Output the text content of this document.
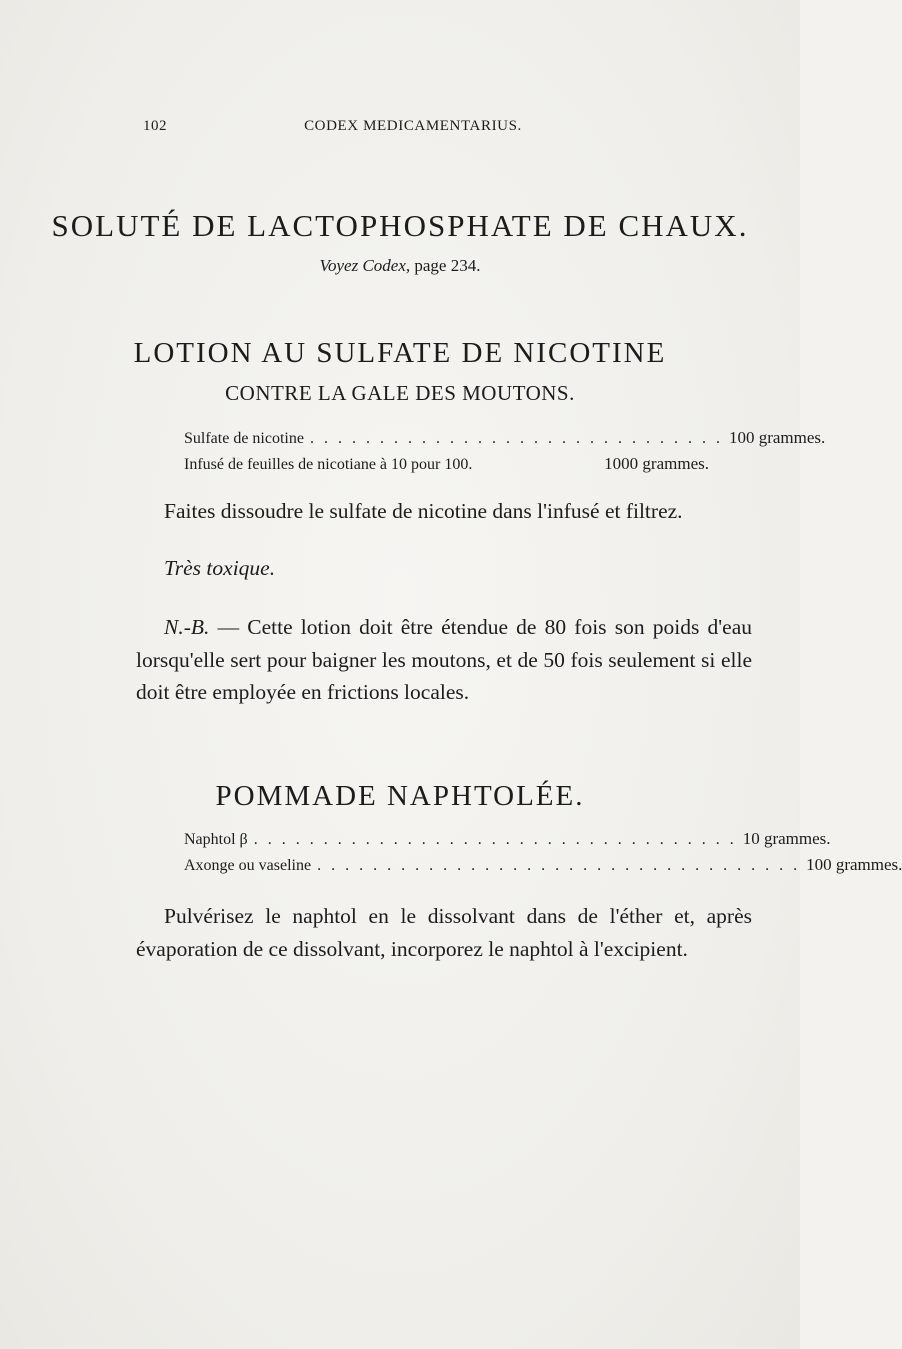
102	CODEX MEDICAMENTARIUS.
SOLUTÉ DE LACTOPHOSPHATE DE CHAUX.
Voyez Codex, page 234.
LOTION AU SULFATE DE NICOTINE
CONTRE LA GALE DES MOUTONS.
Sulfate de nicotine . . . . . . . . . . . . . . . . . . . . . . . . . . . . . . 100 grammes.
Infusé de feuilles de nicotiane à 10 pour 100.	1000 grammes.
Faites dissoudre le sulfate de nicotine dans l'infusé et filtrez.
Très toxique.
N.-B. — Cette lotion doit être étendue de 80 fois son poids d'eau lorsqu'elle sert pour baigner les moutons, et de 50 fois seulement si elle doit être employée en frictions locales.
POMMADE NAPHTOLÉE.
Naphtol β . . . . . . . . . . . . . . . . . . . . . . . . . . . . . . . . . . . 10 grammes.
Axonge ou vaseline . . . . . . . . . . . . . . . . . . . . . . . . . . . . . . . . . . . 100 grammes.
Pulvérisez le naphtol en le dissolvant dans de l'éther et, après évaporation de ce dissolvant, incorporez le naphtol à l'excipient.
